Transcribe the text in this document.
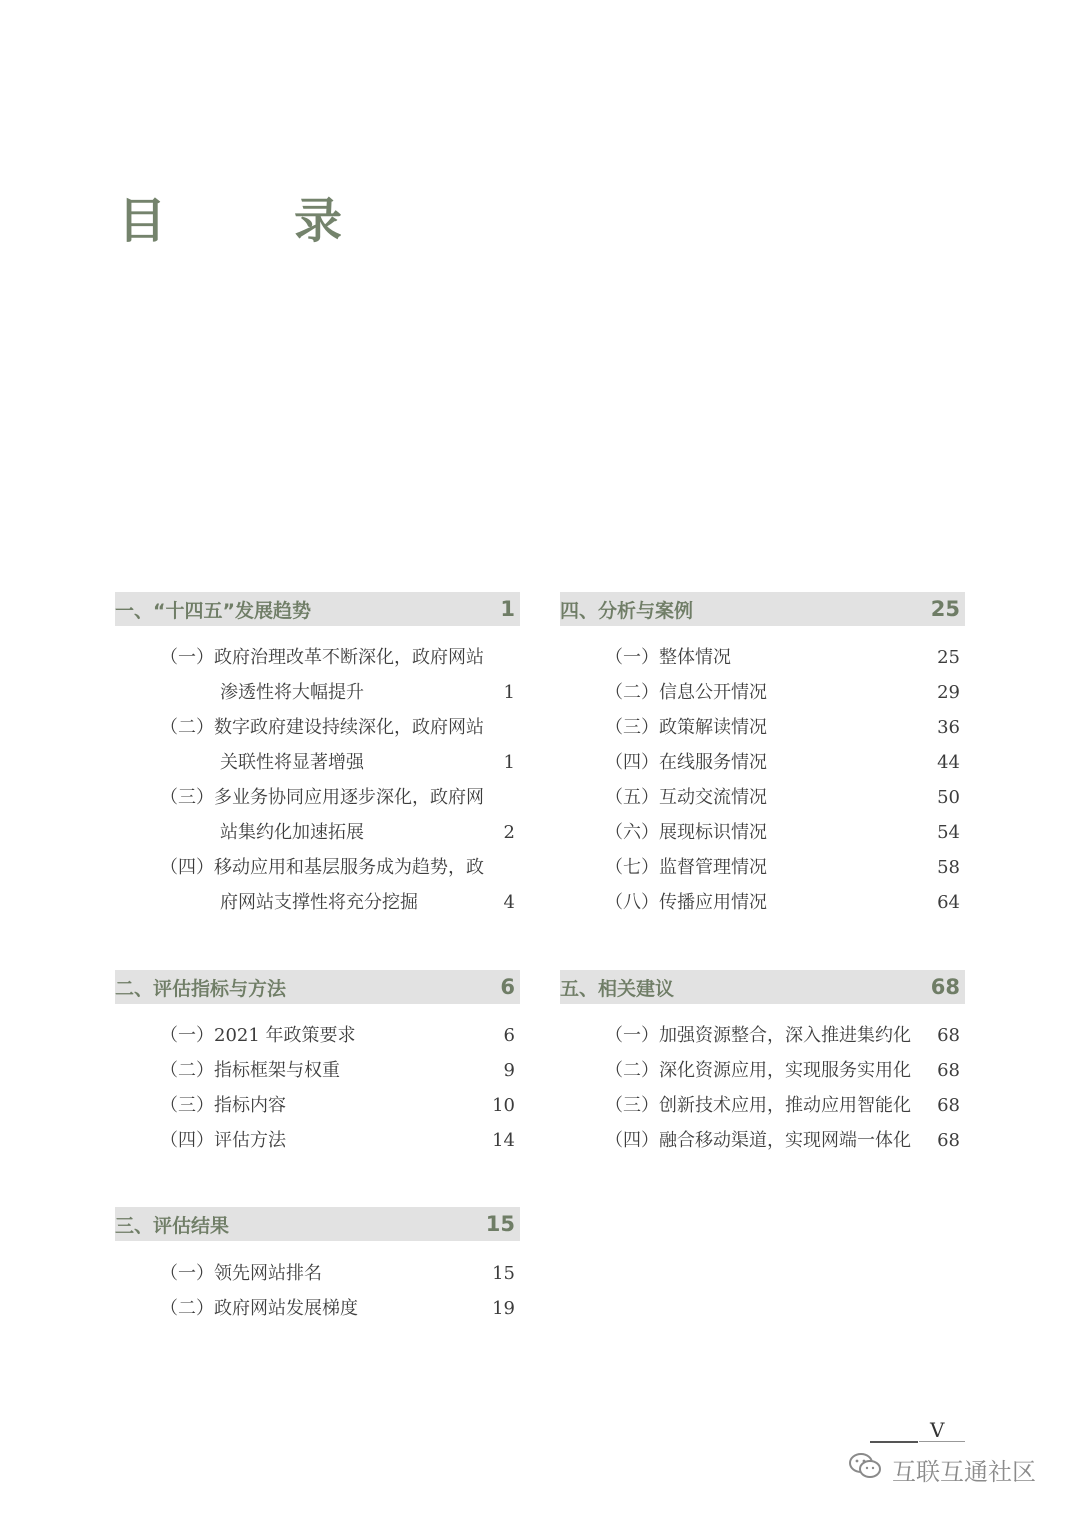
目　录
一、“十四五”发展趋势	1
（一）政府治理改革不断深化，政府网站
渗透性将大幅提升	1
（二）数字政府建设持续深化，政府网站
关联性将显著增强	1
（三）多业务协同应用逐步深化，政府网
站集约化加速拓展	2
（四）移动应用和基层服务成为趋势，政
府网站支撑性将充分挖掘	4
二、评估指标与方法	6
（一）2021 年政策要求	6
（二）指标框架与权重	9
（三）指标内容	10
（四）评估方法	14
三、评估结果	15
（一）领先网站排名	15
（二）政府网站发展梯度	19
四、分析与案例	25
（一）整体情况	25
（二）信息公开情况	29
（三）政策解读情况	36
（四）在线服务情况	44
（五）互动交流情况	50
（六）展现标识情况	54
（七）监督管理情况	58
（八）传播应用情况	64
五、相关建议	68
（一）加强资源整合，深入推进集约化	68
（二）深化资源应用，实现服务实用化	68
（三）创新技术应用，推动应用智能化	68
（四）融合移动渠道，实现网端一体化	68
V
互联互通社区
